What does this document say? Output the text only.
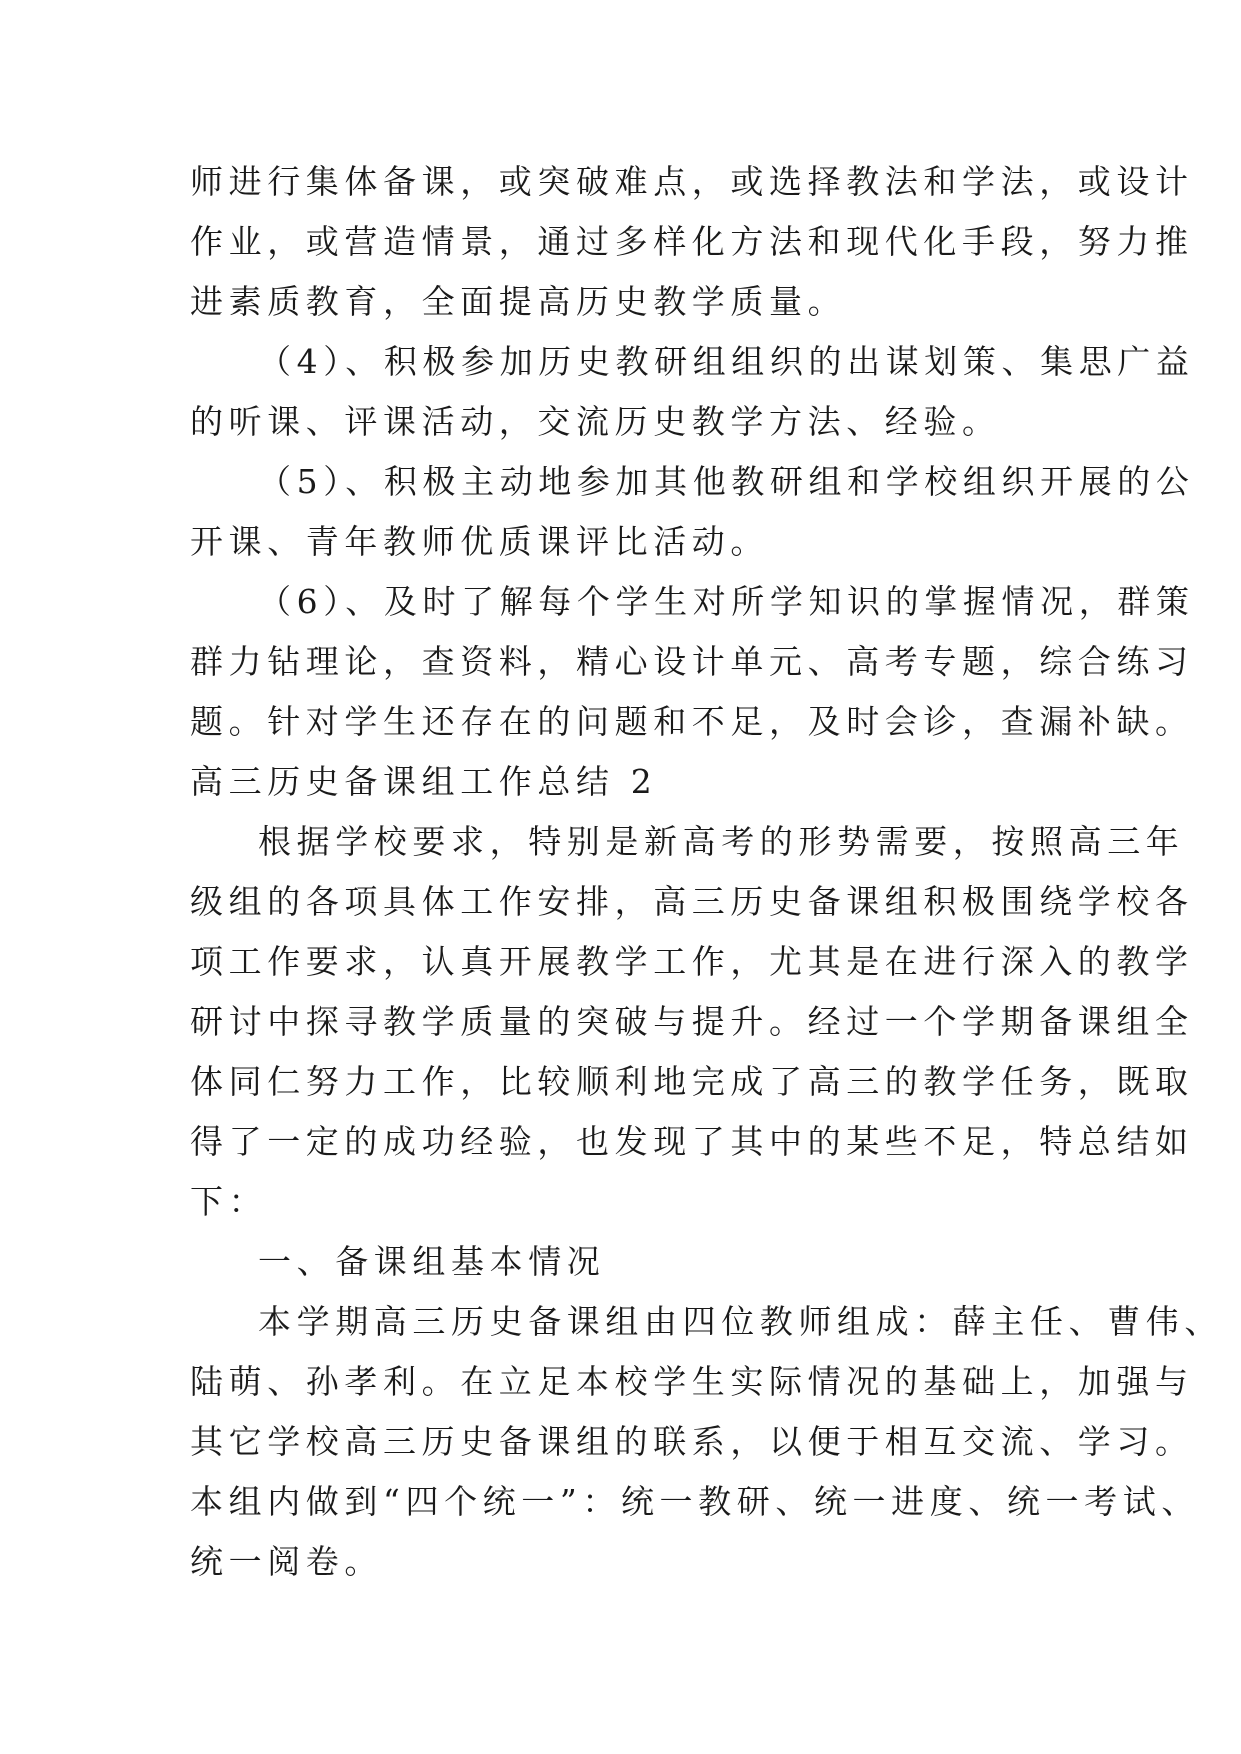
师进行集体备课，或突破难点，或选择教法和学法，或设计
作业，或营造情景，通过多样化方法和现代化手段，努力推
进素质教育，全面提高历史教学质量。
（4）、积极参加历史教研组组织的出谋划策、集思广益
的听课、评课活动，交流历史教学方法、经验。
（5）、积极主动地参加其他教研组和学校组织开展的公
开课、青年教师优质课评比活动。
（6）、及时了解每个学生对所学知识的掌握情况，群策
群力钻理论，查资料，精心设计单元、高考专题，综合练习
题。针对学生还存在的问题和不足，及时会诊，查漏补缺。
高三历史备课组工作总结 2
根据学校要求，特别是新高考的形势需要，按照高三年
级组的各项具体工作安排，高三历史备课组积极围绕学校各
项工作要求，认真开展教学工作，尤其是在进行深入的教学
研讨中探寻教学质量的突破与提升。经过一个学期备课组全
体同仁努力工作，比较顺利地完成了高三的教学任务，既取
得了一定的成功经验，也发现了其中的某些不足，特总结如
下：
一、备课组基本情况
本学期高三历史备课组由四位教师组成：薛主任、曹伟、
陆萌、孙孝利。在立足本校学生实际情况的基础上，加强与
其它学校高三历史备课组的联系，以便于相互交流、学习。
本组内做到“四个统一”：统一教研、统一进度、统一考试、
统一阅卷。
